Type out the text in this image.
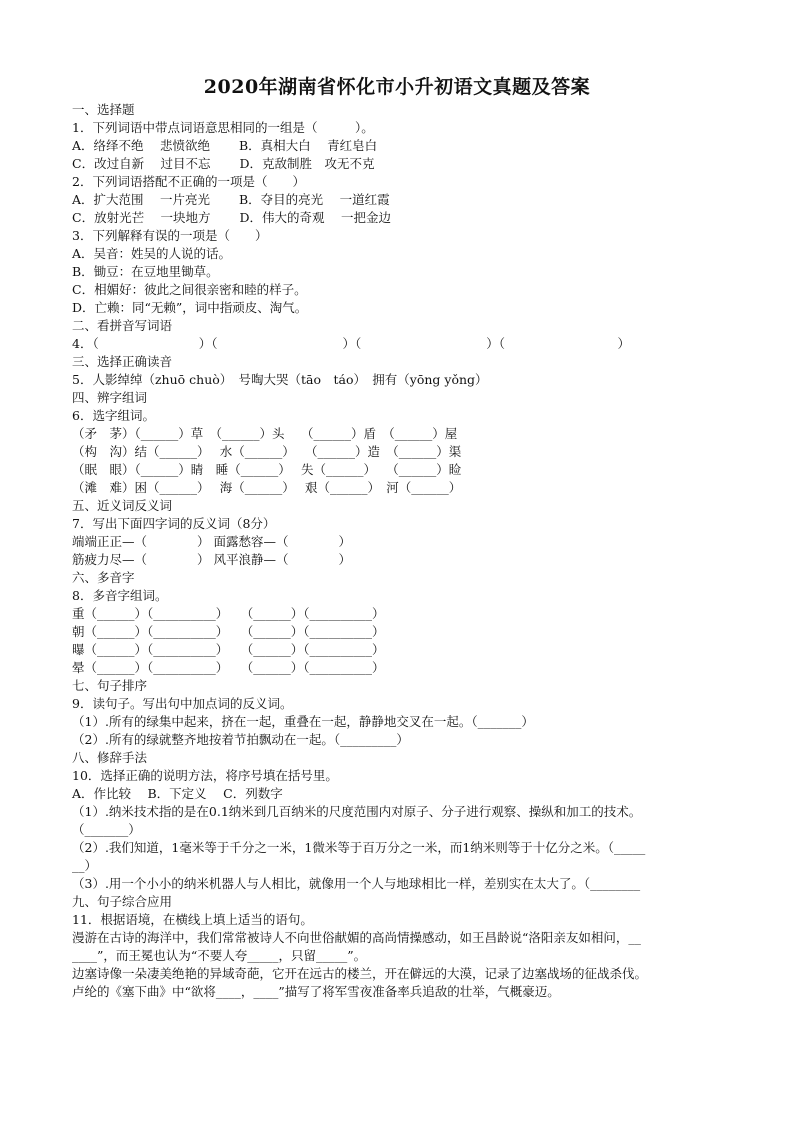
2020年湖南省怀化市小升初语文真题及答案
一、选择题
1．下列词语中带点词语意思相同的一组是（　　　）。
A．络绎不绝　 悲愤欲绝　　 B．真相大白　 青红皂白
C．改过自新　 过目不忘　　 D．克敌制胜　攻无不克
2．下列词语搭配不正确的一项是（　　）
A．扩大范围　 一片亮光　　 B．夺目的亮光　 一道红霞
C．放射光芒　 一块地方　　 D．伟大的奇观　 一把金边
3．下列解释有误的一项是（　　）
A．吴音：姓吴的人说的话。
B．锄豆：在豆地里锄草。
C．相媚好：彼此之间很亲密和睦的样子。
D．亡赖：同“无赖”，词中指顽皮、淘气。
二、看拼音写词语
4．（　　　　　　　　）（　　　　　　　　　　）（　　　　　　　　　　）（　　　　　　　　　）
三、选择正确读音
5．人影绰绰（zhuō chuò）　号啕大哭（tāo　táo）　拥有（yōng yǒng）
四、辨字组词
6．选字组词。
（矛　茅）（______）草　（______）头　 （______）盾　（______）屋
（构　沟）结（______）　 水（______）　 （______）造　（______）渠
（眠　眼）（______）睛　睡（______）　 失（______）　 （______）睑
（滩　难）困（______）　 海（______）　 艰（______）　河（______）
五、近义词反义词
7．写出下面四字词的反义词（8分）
端端正正—（　　　　） 面露愁容—（　　　　）
筋疲力尽—（　　　　） 风平浪静—（　　　　）
六、多音字
8．多音字组词。
重（______）（__________）　　（______）（__________）
朝（______）（__________）　　（______）（__________）
曝（______）（__________）　　（______）（__________）
晕（______）（__________）　　（______）（__________）
七、句子排序
9．读句子。写出句中加点词的反义词。
（1）.所有的绿集中起来，挤在一起，重叠在一起，静静地交叉在一起。（_______）
（2）.所有的绿就整齐地按着节拍飘动在一起。（_________）
八、修辞手法
10．选择正确的说明方法，将序号填在括号里。
A．作比较　 B．下定义　 C．列数字
（1）.纳米技术指的是在0.1纳米到几百纳米的尺度范围内对原子、分子进行观察、操纵和加工的技术。
（_______）
（2）.我们知道，1毫米等于千分之一米，1微米等于百万分之一米，而1纳米则等于十亿分之米。（_____
__）
（3）.用一个小小的纳米机器人与人相比，就像用一个人与地球相比一样，差别实在太大了。（________
九、句子综合应用
11．根据语境，在横线上填上适当的语句。
漫游在古诗的海洋中，我们常常被诗人不向世俗献媚的高尚情操感动，如王昌龄说“洛阳亲友如相问，__
____”，而王冕也认为“不要人夸_____，只留_____”。
边塞诗像一朵凄美绝艳的异域奇葩，它开在远古的楼兰，开在僻远的大漠，记录了边塞战场的征战杀伐。
卢纶的《塞下曲》中“欲将____，____”描写了将军雪夜准备率兵追敌的壮举，气概豪迈。
